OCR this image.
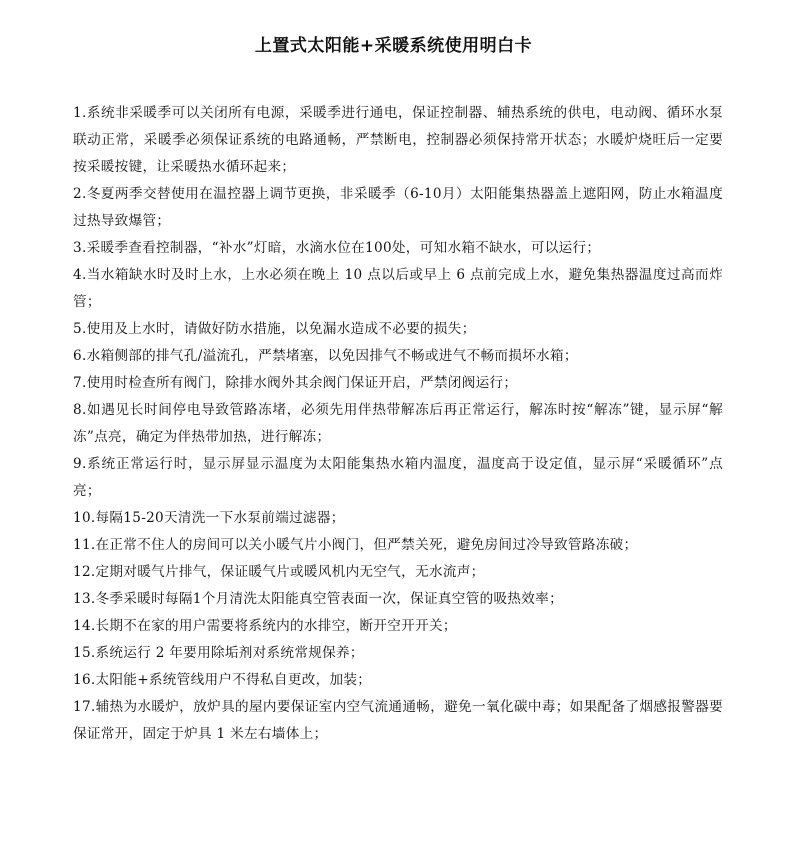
上置式太阳能+采暖系统使用明白卡
1.系统非采暖季可以关闭所有电源，采暖季进行通电，保证控制器、辅热系统的供电，电动阀、循环水泵联动正常，采暖季必须保证系统的电路通畅，严禁断电，控制器必须保持常开状态；水暖炉烧旺后一定要按采暖按键，让采暖热水循环起来；
2.冬夏两季交替使用在温控器上调节更换，非采暖季（6-10月）太阳能集热器盖上遮阳网，防止水箱温度过热导致爆管；
3.采暖季查看控制器，“补水”灯暗，水滴水位在100处，可知水箱不缺水，可以运行；
4.当水箱缺水时及时上水，上水必须在晚上 10 点以后或早上 6 点前完成上水，避免集热器温度过高而炸管；
5.使用及上水时，请做好防水措施，以免漏水造成不必要的损失；
6.水箱侧部的排气孔/溢流孔，严禁堵塞，以免因排气不畅或进气不畅而损坏水箱；
7.使用时检查所有阀门，除排水阀外其余阀门保证开启，严禁闭阀运行；
8.如遇见长时间停电导致管路冻堵，必须先用伴热带解冻后再正常运行，解冻时按“解冻”键，显示屏“解冻”点亮，确定为伴热带加热，进行解冻；
9.系统正常运行时，显示屏显示温度为太阳能集热水箱内温度，温度高于设定值，显示屏“采暖循环”点亮；
10.每隔15-20天清洗一下水泵前端过滤器；
11.在正常不住人的房间可以关小暖气片小阀门，但严禁关死，避免房间过冷导致管路冻破；
12.定期对暖气片排气，保证暖气片或暖风机内无空气，无水流声；
13.冬季采暖时每隔1个月清洗太阳能真空管表面一次，保证真空管的吸热效率；
14.长期不在家的用户需要将系统内的水排空，断开空开开关；
15.系统运行 2 年要用除垢剂对系统常规保养；
16.太阳能+系统管线用户不得私自更改，加装；
17.辅热为水暖炉，放炉具的屋内要保证室内空气流通通畅，避免一氧化碳中毒；如果配备了烟感报警器要保证常开，固定于炉具 1 米左右墙体上；
